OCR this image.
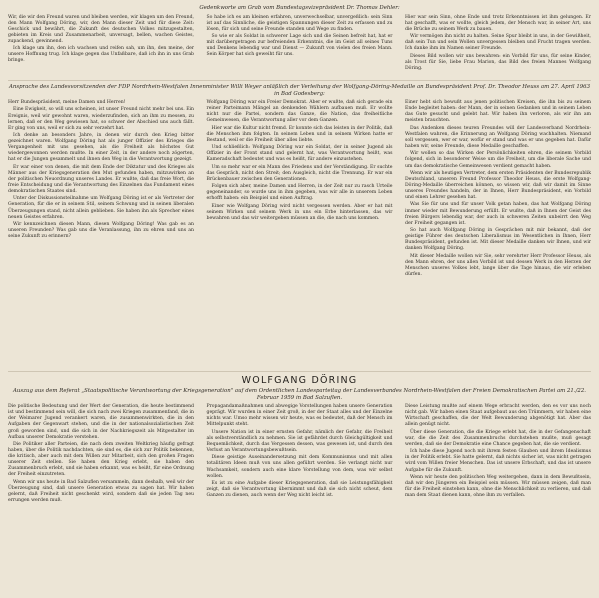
Gedenkworte am Grab vom Bundestagsvizepräsident Dr. Thomas Dehler:

Wir, die wir den Freund waren und bleiben werden, wir klagen um den Freund, den Mann Wolfgang Döring, wir, den Mann dieser Zeit und für diese Zeit: Geschick und bewährt, die Zukunft des deutschen Volkes mitzugestalten, gebieten im Kreis und Zusammenarbeit, unversagt, bellen, wachen Geistes, zupackend, gewinnend.

Ich klage um ihn, den ich wachsen und reifen sah, um ihn, den meine, der unsere Hoffnung trug. Ich klage gegen das Unfaßbare, daß ich ihn in uns Grab bringe.

So habe ich es am kleinen erfahren, unverwechselbar, unvergeßlich: sein Sinn ist auf das Sinnliche, die geistigen Spannungen dieser Zeit zu erfassen und zu lösen, für sich und seine Freunde standen und Wege zu finden.

So wie er als Soldat in schwerer Lage sich und die Seinen befreit hat, hat er mit darübergetragen zur befreienden Erkenntnis, die im Geist all seines Tuns und Denkens lebendig war und Dienst — Zukunft von vielen des freien Mann. Sein Körper hat sich geweiht für uns.

Hier war sein Sinn, ohne Ende und trotz Erkenntnissen ist ihm gelungen. Er hat geschafft, was er wollte, gleich jedem, der Mensch war, in seiner Art, uns die Brücke zu seinem Werk zu bauen.

Wir vermögen ihn nicht zu halten. Seine Spur bleibt in uns, in der Gewißheit, daß sein Tun und sein Wollen unvergessen bleiben und Frucht tragen werden. Ich danke ihm im Namen seiner Freunde.

Dieses Bild wollen wir uns bewahren: ein Vorbild für uns, für seine Kinder, als Trost für Sie, liebe Frau Marion, das Bild des freien Mannes Wolfgang Döring.

Ansprache des Landesvorsitzenden der FDP Nordrhein-Westfalen Innenminister Willi Weyer anläßlich der Verleihung der Wolfgang-Döring-Medaille an Bundespräsident Prof. Dr. Theodor Heuss am 27. April 1963 in Bad Godesberg:

Herr Bundespräsident, meine Damen und Herren!

Eine Ewigkeit, so will uns scheinen, ist unser Freund nicht mehr bei uns. Ein Ereignis, weil wir gewohnt waren, wiederzufinden, sich an ihm zu messen, zu lernen, daß er den Weg gewiesen hat, so schwer der Abschied uns auch fällt. Er ging von uns, weil er sich zu sehr verzehrt hat.

Ich denke an besonders Jahre, in denen wir durch den Krieg bitter gezeichnet waren. Wolfgang Döring hat als junger Offizier des Krieges die Vergangenheit mit uns gesehen, als die Freiheit als höchstes Gut wiedergewonnen werden mußte. In einer Zeit, in der andere noch zögerten, hat er die Jungen gesammelt und ihnen den Weg in die Verantwortung gezeigt.

Er war einer von denen, die mit dem Ende der Diktatur und des Krieges als Männer aus der Kriegsgeneration den Mut gefunden haben, mitzuwirken an der politischen Neuordnung unseres Landes. Er wußte, daß das freie Wort, die freie Entscheidung und die Verantwortung des Einzelnen das Fundament eines demokratischen Staates sind.

Unter der Diskussionsteilnahme um Wolfgang Döring ist er als Vertreter der Generation, für die er in seinem Stil, seinem Schwung und in seinen liberalen Überzeugungen stand, nicht allein geblieben. Sie haben ihn als Sprecher eines neuen Geistes erfahren.

Wir kennzeichnen diesen Mann, diesen Wolfgang Döring! Was gab es an unseren Freunden? Was gab uns die Veranlassung, ihn zu ehren und uns an seine Zukunft zu erinnern?

Wolfgang Döring war ein Freier Demokrat. Aber er wußte, daß sich gerade ein reiner Parteimann Mängel an denkenden Wählern aufbauen muß. Er wollte nicht nur die Partei, sondern das Ganze, die Nation, das freiheitliche Gemeinwesen, die Verantwortung aller vor dem Ganzen.

Hier war die Kultur nicht fremd. Er konnte sich das leisten in der Politik, daß die Menschen ihm folgten. In seinem Leben und in seinem Wirken hatte er Bestand, weil er die Freiheit über alles liebte.

Und schließlich: Wolfgang Döring war ein Soldat, der in seiner Jugend als Offizier in der Front stand und gelernt hat, was Verantwortung heißt, was Kameradschaft bedeutet und was es heißt, für andere einzustehen.

Um so mehr war er ein Mann des Friedens und der Verständigung. Er suchte das Gespräch, nicht den Streit; den Ausgleich, nicht die Trennung. Er war ein Brückenbauer zwischen den Generationen.

Folgen sich aber, meine Damen und Herren, in der Zeit nur zu rasch Urteile gegeneinander, so wurde uns in ihm gegeben, was wir alle in unserem Leben erhofft haben: ein Beispiel und einen Auftrag.

Einer wie Wolfgang Döring wird nicht vergessen werden. Aber er hat mit seinem Wirken und seinem Werk in uns ein Erbe hinterlassen, das wir bewahren und das wir weitergeben müssen an die, die nach uns kommen.

Einer hebt sich bewußt aus jenen politischen Kreisen, die ihn bis zu seinem Ende begleitet haben: der Mann, der in seinen Gedanken und in seinem Leben das Gute gesucht und gelebt hat. Wir haben ihn verloren, als wir ihn am meisten brauchten.

Das Andenken dieses teuren Freundes will der Landesverband Nordrhein-Westfalen wahren, die Erinnerung an Wolfgang Döring wachhalten. Niemand soll vergessen, wer er war, wofür er stand und was er uns gegeben hat. Dafür haben wir, seine Freunde, diese Medaille geschaffen.

Wir wollen so das Wirken der Persönlichkeiten ehren, die seinem Vorbild folgend, sich in besonderer Weise um die Freiheit, um die liberale Sache und um das demokratische Gemeinwesen verdient gemacht haben.

Wenn wir als heutigen Vertreter, dem ersten Präsidenten der Bundesrepublik Deutschland, unseren Freund Professor Theodor Heuss, die erste Wolfgang-Döring-Medaille überreichen können, so wissen wir, daß wir damit im Sinne unseres Freundes handeln, der in Ihnen, Herr Bundespräsident, ein Vorbild und einen Lehrer gesehen hat.

Was Sie für uns und für unser Volk getan haben, das hat Wolfgang Döring immer wieder mit Bewunderung erfüllt. Er wußte, daß in Ihnen der Geist des freien Bürgers lebendig war, der auch in schweren Zeiten unbeirrt den Weg der Freiheit gegangen ist.

So hat auch Wolfgang Döring in Gesprächen mit mir bekannt, daß der geistige Führer des deutschen Liberalismus im Wesentlichen in Ihnen, Herr Bundespräsident, gefunden ist. Mit dieser Medaille danken wir Ihnen, und wir danken Wolfgang Döring.

Mit dieser Medaille wollen wir Sie, sehr verehrter Herr Professor Heuss, als den Mann ehren, der uns allen Vorbild ist und dessen Werk in den Herzen der Menschen unseres Volkes lebt, lange über die Tage hinaus, die wir erleben dürfen.

WOLFGANG DÖRING

Auszug aus dem Referat „Staatspolitische Verantwortung der Kriegsgeneration" auf dem Ordentlichen Landesparteitag der Landesverbandes Nordrhein-Westfalen der Freien Demokratischen Partei am 21./22. Februar 1959 in Bad Salzuflen.

Die politische Bedeutung und der Wert der Generation, die heute bestimmend ist und bestimmend sein will, die sich nach zwei Kriegen zusammenfand, die in der Weimarer Jugend verankert waren, die zusammenwirkten, die in den Aufgaben der Gegenwart stehen, und die in der nationalsozialistischen Zeit groß geworden sind, und die sich in der Nachkriegszeit als Mitgestalter im Aufbau unserer Demokratie verstehen.

Die Politiker aller Parteien, die nach dem zweiten Weltkrieg häufig gefragt haben, über die Politik nachdachten, sie sind es, die sich zur Politik bekennen, die kritisch, aber auch mit dem Willen zur Mitarbeit, sich den großen Fragen unserer Zeit stellen. Sie haben den Krieg erlebt, sie haben den Zusammenbruch erlebt, und sie haben erkannt, was es heißt, für eine Ordnung der Freiheit einzutreten.

Wenn wir uns heute in Bad Salzuflen versammeln, dann deshalb, weil wir der Überzeugung sind, daß unsere Generation etwas zu sagen hat. Wir haben gelernt, daß Freiheit nicht geschenkt wird, sondern daß sie jeden Tag neu errungen werden muß.

Propagandamaßnahmen und abwegige Vorstellungen haben unsere Generation geprägt. Wir wurden in einer Zeit groß, in der der Staat alles und der Einzelne nichts war. Umso mehr wissen wir heute, was es bedeutet, daß der Mensch im Mittelpunkt steht.

Unsere Nation ist in einer ernsten Gefahr, nämlich der Gefahr, die Freiheit als selbstverständlich zu nehmen. Sie ist gefährdet durch Gleichgültigkeit und Bequemlichkeit, durch das Vergessen dessen, was gewesen ist, und durch den Verlust an Verantwortungsbewußtsein.

Diese geistige Auseinandersetzung mit dem Kommunismus und mit allen totalitären Ideen muß von uns allen geführt werden. Sie verlangt nicht nur Wachsamkeit, sondern auch eine klare Vorstellung von dem, was wir selbst wollen.

Es ist zu eine Aufgabe dieser Kriegsgeneration, daß sie Leistungsfähigkeit zeigt, daß sie Verantwortung übernimmt und daß sie sich nicht scheut, dem Ganzen zu dienen, auch wenn der Weg nicht leicht ist.

Diese Leistung mußte auf einem Wege erbracht werden, den es vor uns noch nicht gab. Wir haben einen Staat aufgebaut aus den Trümmern, wir haben eine Wirtschaft geschaffen, die der Welt Bewunderung abgenötigt hat. Aber das allein genügt nicht.

Über diese Generation, die die Kriege erlebt hat, die in der Gefangenschaft war, die die Zeit des Zusammenbruchs durchstehen mußte, muß gesagt werden, daß sie der Demokratie eine Chance gegeben hat, die sie verdient.

Ich habe diese Jugend noch mit ihrem festen Glauben und ihrem Idealismus in der Politik erlebt. Sie hatte gelernt, daß nichts sicher ist, was nicht getragen wird vom Willen freier Menschen. Das ist unsere Erbschaft, und das ist unsere Aufgabe für die Zukunft.

Wenn wir heute den politischen Weg weitergehen, dann in dem Bewußtsein, daß wir den Jüngeren ein Beispiel sein müssen. Wir müssen zeigen, daß man für die Freiheit einstehen kann, ohne die Menschlichkeit zu verlieren, und daß man dem Staat dienen kann, ohne ihm zu verfallen.
